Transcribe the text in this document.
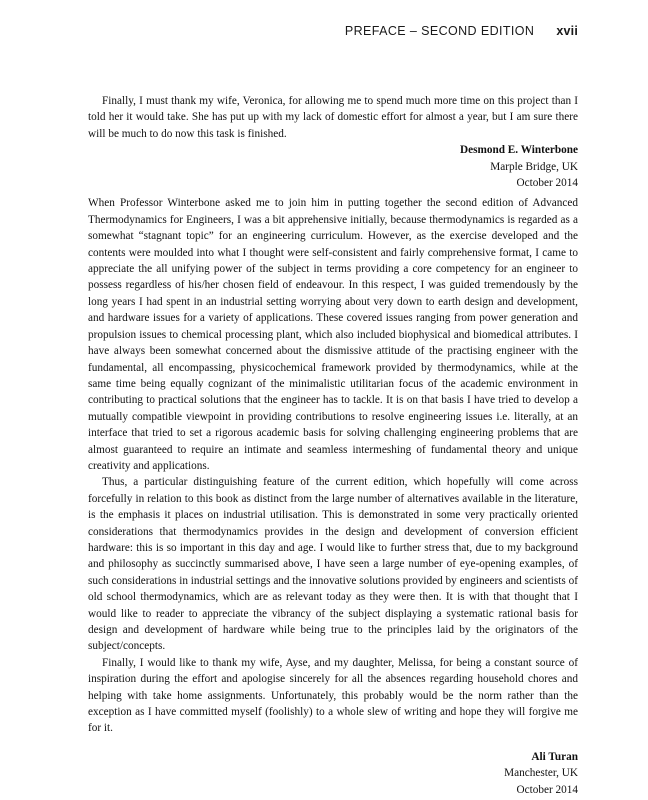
PREFACE – SECOND EDITION xvii

Finally, I must thank my wife, Veronica, for allowing me to spend much more time on this project than I told her it would take. She has put up with my lack of domestic effort for almost a year, but I am sure there will be much to do now this task is finished.

Desmond E. Winterbone
Marple Bridge, UK
October 2014

When Professor Winterbone asked me to join him in putting together the second edition of Advanced Thermodynamics for Engineers, I was a bit apprehensive initially, because thermodynamics is regarded as a somewhat “stagnant topic” for an engineering curriculum. However, as the exercise developed and the contents were moulded into what I thought were self-consistent and fairly comprehensive format, I came to appreciate the all unifying power of the subject in terms providing a core competency for an engineer to possess regardless of his/her chosen field of endeavour. In this respect, I was guided tremendously by the long years I had spent in an industrial setting worrying about very down to earth design and development, and hardware issues for a variety of applications. These covered issues ranging from power generation and propulsion issues to chemical processing plant, which also included biophysical and biomedical attributes. I have always been somewhat concerned about the dismissive attitude of the practising engineer with the fundamental, all encompassing, physicochemical framework provided by thermodynamics, while at the same time being equally cognizant of the minimalistic utilitarian focus of the academic environment in contributing to practical solutions that the engineer has to tackle. It is on that basis I have tried to develop a mutually compatible viewpoint in providing contributions to resolve engineering issues i.e. literally, at an interface that tried to set a rigorous academic basis for solving challenging engineering problems that are almost guaranteed to require an intimate and seamless intermeshing of fundamental theory and unique creativity and applications.

Thus, a particular distinguishing feature of the current edition, which hopefully will come across forcefully in relation to this book as distinct from the large number of alternatives available in the literature, is the emphasis it places on industrial utilisation. This is demonstrated in some very practically oriented considerations that thermodynamics provides in the design and development of conversion efficient hardware: this is so important in this day and age. I would like to further stress that, due to my background and philosophy as succinctly summarised above, I have seen a large number of eye-opening examples, of such considerations in industrial settings and the innovative solutions provided by engineers and scientists of old school thermodynamics, which are as relevant today as they were then. It is with that thought that I would like to reader to appreciate the vibrancy of the subject displaying a systematic rational basis for design and development of hardware while being true to the principles laid by the originators of the subject/concepts.

Finally, I would like to thank my wife, Ayse, and my daughter, Melissa, for being a constant source of inspiration during the effort and apologise sincerely for all the absences regarding household chores and helping with take home assignments. Unfortunately, this probably would be the norm rather than the exception as I have committed myself (foolishly) to a whole slew of writing and hope they will forgive me for it.

Ali Turan
Manchester, UK
October 2014
